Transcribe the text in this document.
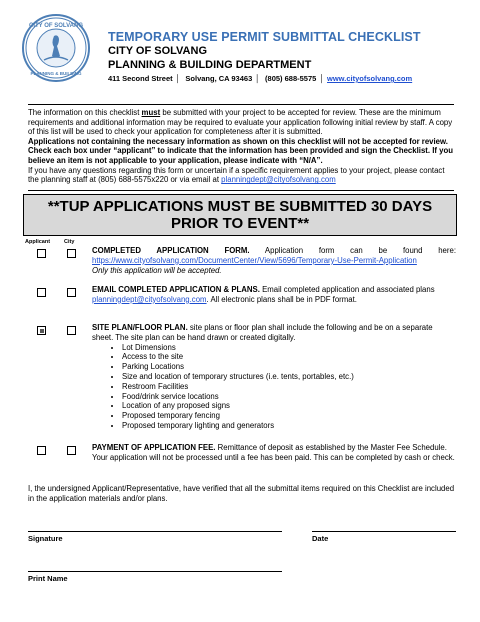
CITY OF SOLVANG
PLANNING & BUILDING
TEMPORARY USE PERMIT SUBMITTAL CHECKLIST
CITY OF SOLVANG
PLANNING & BUILDING DEPARTMENT
411 Second Street │ Solvang, CA 93463 │ (805) 688-5575 │ www.cityofsolvang.com

The information on this checklist must be submitted with your project to be accepted for review. These are the minimum requirements and additional information may be required to evaluate your application following initial review by staff. A copy of this list will be used to check your application for completeness after it is submitted.

Applications not containing the necessary information as shown on this checklist will not be accepted for review. Check each box under “applicant” to indicate that the information has been provided and sign the Checklist. If you believe an item is not applicable to your application, please indicate with “N/A”.

If you have any questions regarding this form or uncertain if a specific requirement applies to your project, please contact the planning staff at (805) 688-5575x220 or via email at planningdept@cityofsolvang.com

**TUP APPLICATIONS MUST BE SUBMITTED 30 DAYS
PRIOR TO EVENT**
Applicant	City

COMPLETED APPLICATION FORM. Application form can be found here: https://www.cityofsolvang.com/DocumentCenter/View/5696/Temporary-Use-Permit-Application

Only this application will be accepted.

EMAIL COMPLETED APPLICATION & PLANS. Email completed application and associated plans planningdept@cityofsolvang.com. All electronic plans shall be in PDF format.

SITE PLAN/FLOOR PLAN. site plans or floor plan shall include the following and be on a separate sheet. The site plan can be hand drawn or created digitally.

• Lot Dimensions
• Access to the site
• Parking Locations
• Size and location of temporary structures (i.e. tents, portables, etc.)
• Restroom Facilities
• Food/drink service locations
• Location of any proposed signs
• Proposed temporary fencing
• Proposed temporary lighting and generators

PAYMENT OF APPLICATION FEE. Remittance of deposit as established by the Master Fee Schedule. Your application will not be processed until a fee has been paid. This can be completed by cash or check.

I, the undersigned Applicant/Representative, have verified that all the submittal items required on this Checklist are included in the application materials and/or plans.
Signature	Date
Print Name
